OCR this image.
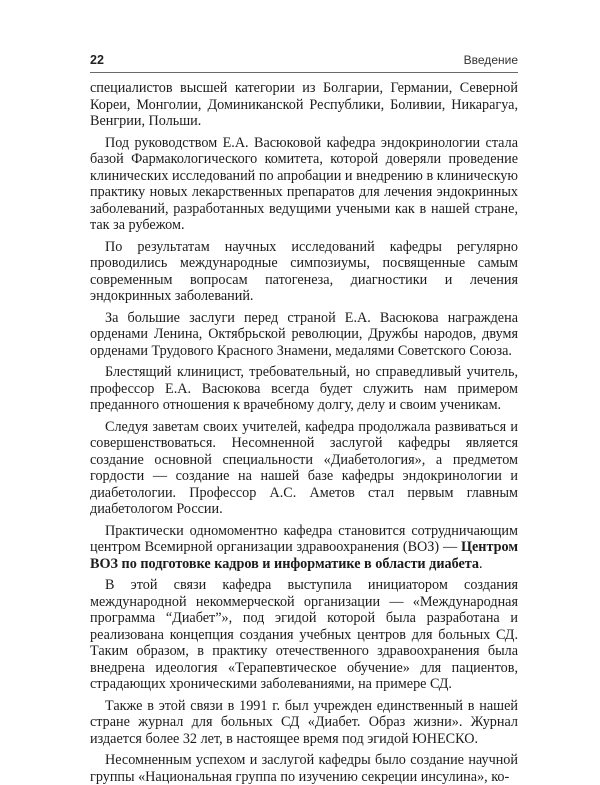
22	Введение

специалистов высшей категории из Болгарии, Германии, Северной Кореи, Монголии, Доминиканской Республики, Боливии, Никарагуа, Венгрии, Польши.

Под руководством Е.А. Васюковой кафедра эндокринологии стала базой Фармакологического комитета, которой доверяли проведение клинических исследований по апробации и внедрению в клиническую практику новых лекарственных препаратов для лечения эндокринных заболеваний, разработанных ведущими учеными как в нашей стране, так за рубежом.

По результатам научных исследований кафедры регулярно проводились международные симпозиумы, посвященные самым современным вопросам патогенеза, диагностики и лечения эндокринных заболеваний.

За большие заслуги перед страной Е.А. Васюкова награждена орденами Ленина, Октябрьской революции, Дружбы народов, двумя орденами Трудового Красного Знамени, медалями Советского Союза.

Блестящий клиницист, требовательный, но справедливый учитель, профессор Е.А. Васюкова всегда будет служить нам примером преданного отношения к врачебному долгу, делу и своим ученикам.

Следуя заветам своих учителей, кафедра продолжала развиваться и совершенствоваться. Несомненной заслугой кафедры является создание основной специальности «Диабетология», а предметом гордости — создание на нашей базе кафедры эндокринологии и диабетологии. Профессор А.С. Аметов стал первым главным диабетологом России.

Практически одномоментно кафедра становится сотрудничающим центром Всемирной организации здравоохранения (ВОЗ) — Центром ВОЗ по подготовке кадров и информатике в области диабета.

В этой связи кафедра выступила инициатором создания международной некоммерческой организации — «Международная программа “Диабет”», под эгидой которой была разработана и реализована концепция создания учебных центров для больных СД. Таким образом, в практику отечественного здравоохранения была внедрена идеология «Терапевтическое обучение» для пациентов, страдающих хроническими заболеваниями, на примере СД.

Также в этой связи в 1991 г. был учрежден единственный в нашей стране журнал для больных СД «Диабет. Образ жизни». Журнал издается более 32 лет, в настоящее время под эгидой ЮНЕСКО.

Несомненным успехом и заслугой кафедры было создание научной группы «Национальная группа по изучению секреции инсулина», ко-
